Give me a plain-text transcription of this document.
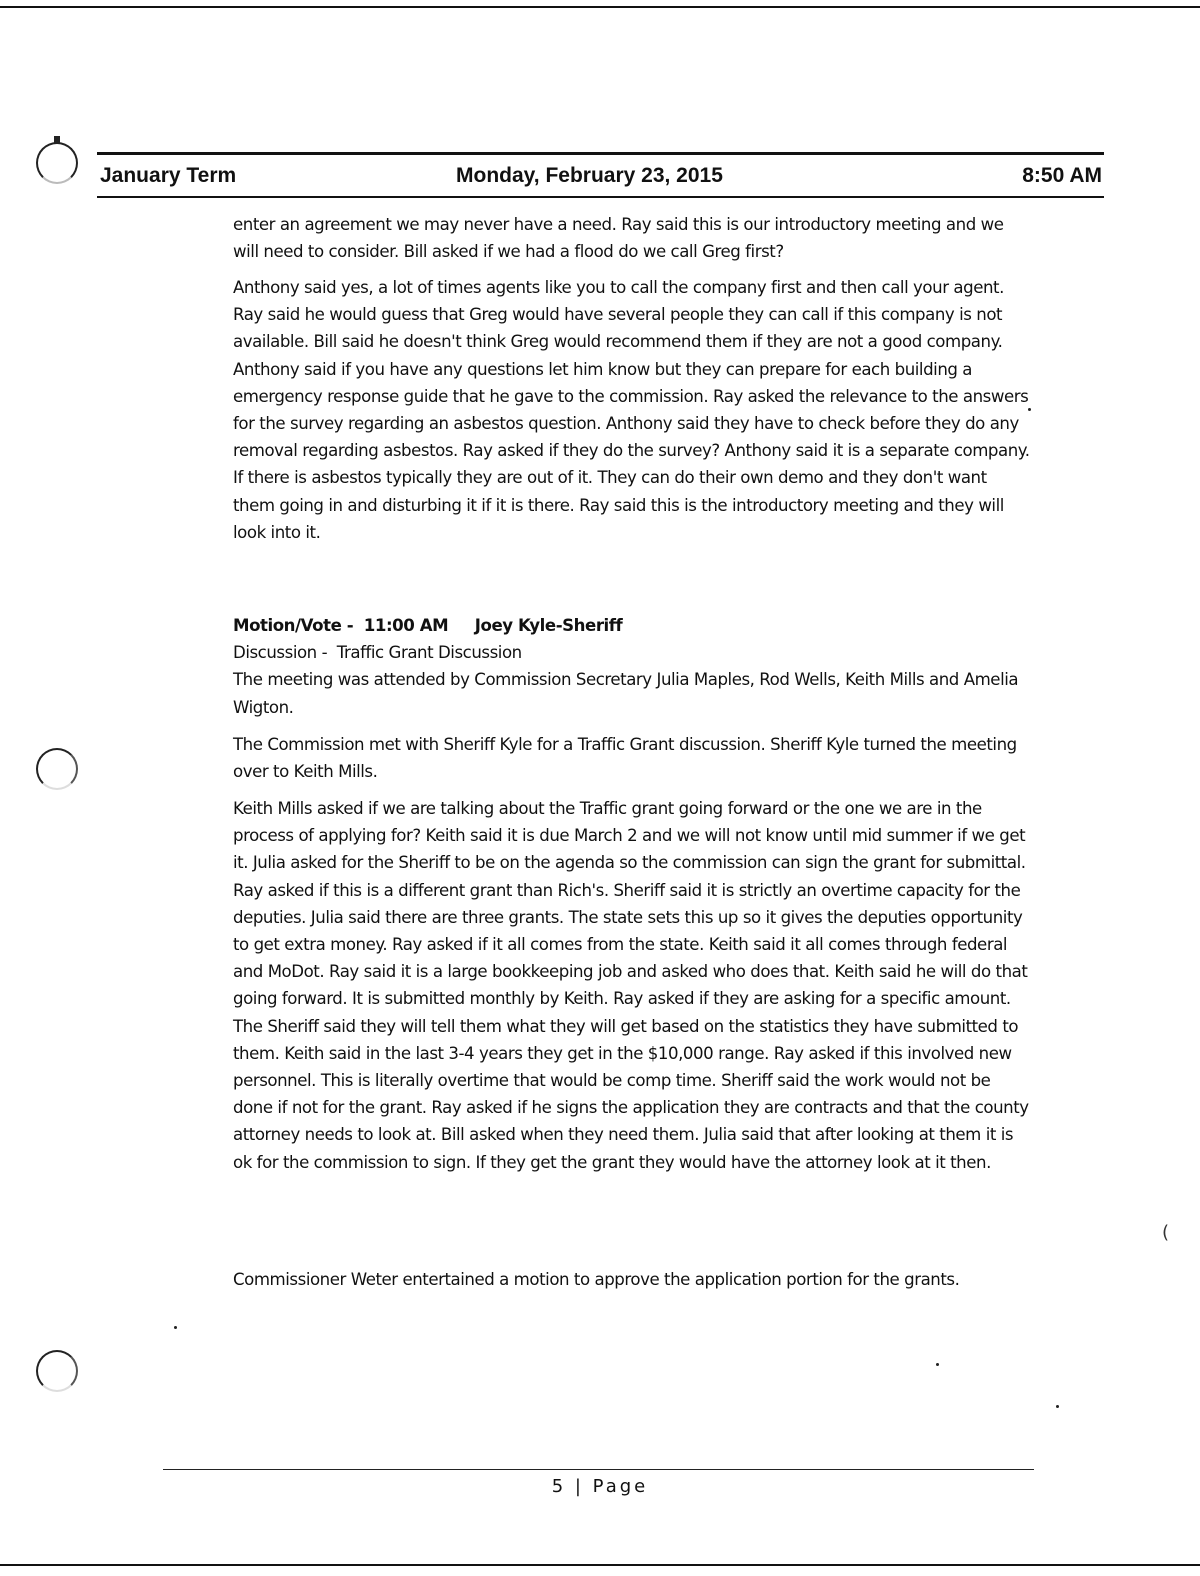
January Term	Monday, February 23, 2015	8:50 AM

enter an agreement we may never have a need. Ray said this is our introductory meeting and we will need to consider. Bill asked if we had a flood do we call Greg first?

Anthony said yes, a lot of times agents like you to call the company first and then call your agent. Ray said he would guess that Greg would have several people they can call if this company is not available. Bill said he doesn't think Greg would recommend them if they are not a good company. Anthony said if you have any questions let him know but they can prepare for each building a emergency response guide that he gave to the commission. Ray asked the relevance to the answers for the survey regarding an asbestos question. Anthony said they have to check before they do any removal regarding asbestos. Ray asked if they do the survey? Anthony said it is a separate company. If there is asbestos typically they are out of it. They can do their own demo and they don't want them going in and disturbing it if it is there. Ray said this is the introductory meeting and they will look into it.

Motion/Vote -  11:00 AM     Joey Kyle-Sheriff

Discussion -  Traffic Grant Discussion

The meeting was attended by Commission Secretary Julia Maples, Rod Wells, Keith Mills and Amelia Wigton.

The Commission met with Sheriff Kyle for a Traffic Grant discussion. Sheriff Kyle turned the meeting over to Keith Mills.

Keith Mills asked if we are talking about the Traffic grant going forward or the one we are in the process of applying for? Keith said it is due March 2 and we will not know until mid summer if we get it. Julia asked for the Sheriff to be on the agenda so the commission can sign the grant for submittal. Ray asked if this is a different grant than Rich's. Sheriff said it is strictly an overtime capacity for the deputies. Julia said there are three grants. The state sets this up so it gives the deputies opportunity to get extra money. Ray asked if it all comes from the state. Keith said it all comes through federal and MoDot. Ray said it is a large bookkeeping job and asked who does that. Keith said he will do that going forward. It is submitted monthly by Keith. Ray asked if they are asking for a specific amount. The Sheriff said they will tell them what they will get based on the statistics they have submitted to them. Keith said in the last 3-4 years they get in the $10,000 range. Ray asked if this involved new personnel. This is literally overtime that would be comp time. Sheriff said the work would not be done if not for the grant. Ray asked if he signs the application they are contracts and that the county attorney needs to look at. Bill asked when they need them. Julia said that after looking at them it is ok for the commission to sign. If they get the grant they would have the attorney look at it then.

Commissioner Weter entertained a motion to approve the application portion for the grants.

(
5 | Page
